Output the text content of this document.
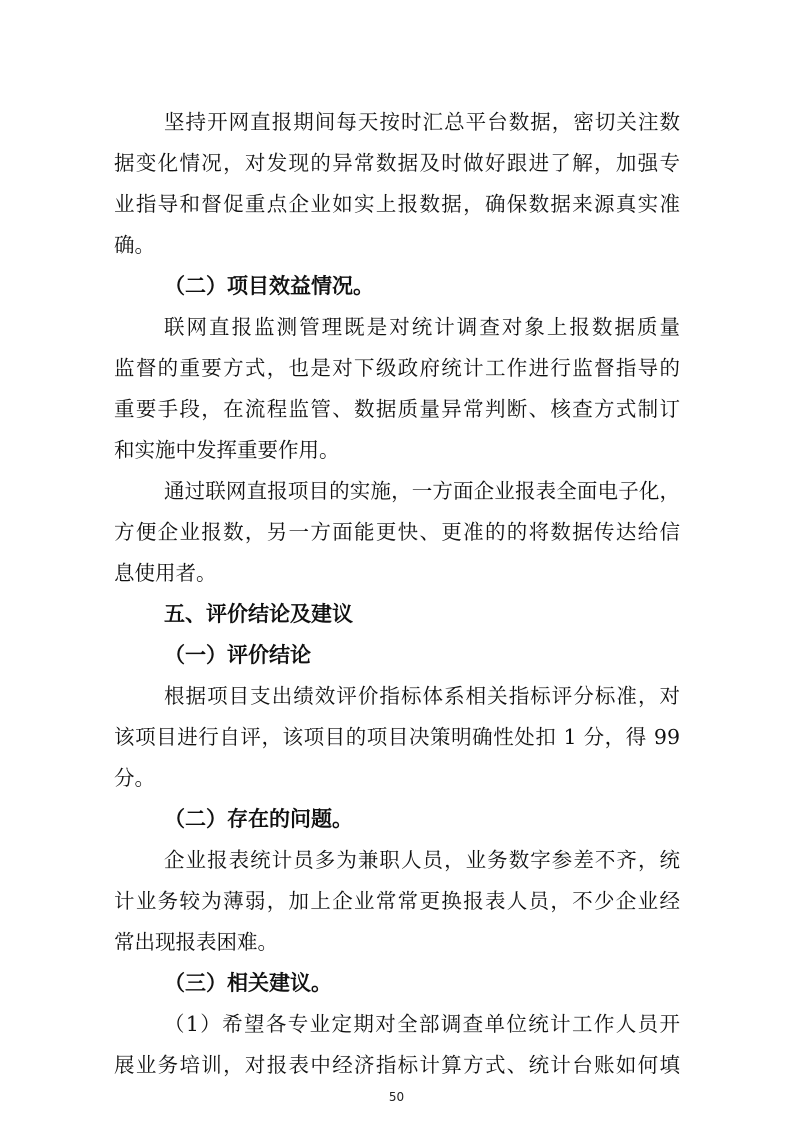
坚持开网直报期间每天按时汇总平台数据，密切关注数
据变化情况，对发现的异常数据及时做好跟进了解，加强专
业指导和督促重点企业如实上报数据，确保数据来源真实准
确。
（二）项目效益情况。
联网直报监测管理既是对统计调查对象上报数据质量
监督的重要方式，也是对下级政府统计工作进行监督指导的
重要手段，在流程监管、数据质量异常判断、核查方式制订
和实施中发挥重要作用。
通过联网直报项目的实施，一方面企业报表全面电子化，
方便企业报数，另一方面能更快、更准的的将数据传达给信
息使用者。
五、评价结论及建议
（一）评价结论
根据项目支出绩效评价指标体系相关指标评分标准，对
该项目进行自评，该项目的项目决策明确性处扣 1 分，得 99
分。
（二）存在的问题。
企业报表统计员多为兼职人员，业务数字参差不齐，统
计业务较为薄弱，加上企业常常更换报表人员，不少企业经
常出现报表困难。
（三）相关建议。
（1）希望各专业定期对全部调查单位统计工作人员开
展业务培训，对报表中经济指标计算方式、统计台账如何填
50
